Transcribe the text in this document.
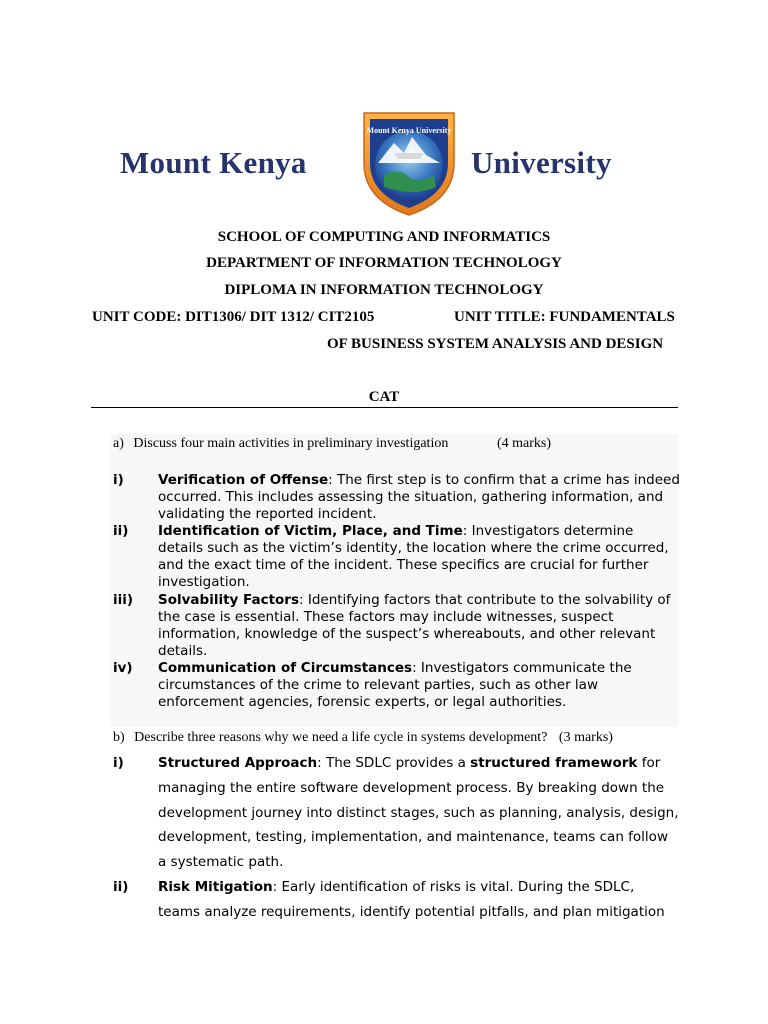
Mount Kenya
Mount Kenya University
University
SCHOOL OF COMPUTING AND INFORMATICS
DEPARTMENT OF INFORMATION TECHNOLOGY
DIPLOMA IN INFORMATION TECHNOLOGY
UNIT CODE: DIT1306/ DIT 1312/ CIT2105	UNIT TITLE: FUNDAMENTALS
OF BUSINESS SYSTEM ANALYSIS AND DESIGN
CAT
a) Discuss four main activities in preliminary investigation	(4 marks)
i)	Verification of Offense: The first step is to confirm that a crime has indeed occurred. This includes assessing the situation, gathering information, and validating the reported incident.
ii) Identification of Victim, Place, and Time: Investigators determine details such as the victim’s identity, the location where the crime occurred, and the exact time of the incident. These specifics are crucial for further investigation.
iii) Solvability Factors: Identifying factors that contribute to the solvability of the case is essential. These factors may include witnesses, suspect information, knowledge of the suspect’s whereabouts, and other relevant details.
iv) Communication of Circumstances: Investigators communicate the circumstances of the crime to relevant parties, such as other law enforcement agencies, forensic experts, or legal authorities.
b) Describe three reasons why we need a life cycle in systems development? (3 marks)
i)	Structured Approach: The SDLC provides a structured framework for managing the entire software development process. By breaking down the development journey into distinct stages, such as planning, analysis, design, development, testing, implementation, and maintenance, teams can follow a systematic path.
ii) Risk Mitigation: Early identification of risks is vital. During the SDLC, teams analyze requirements, identify potential pitfalls, and plan mitigation
